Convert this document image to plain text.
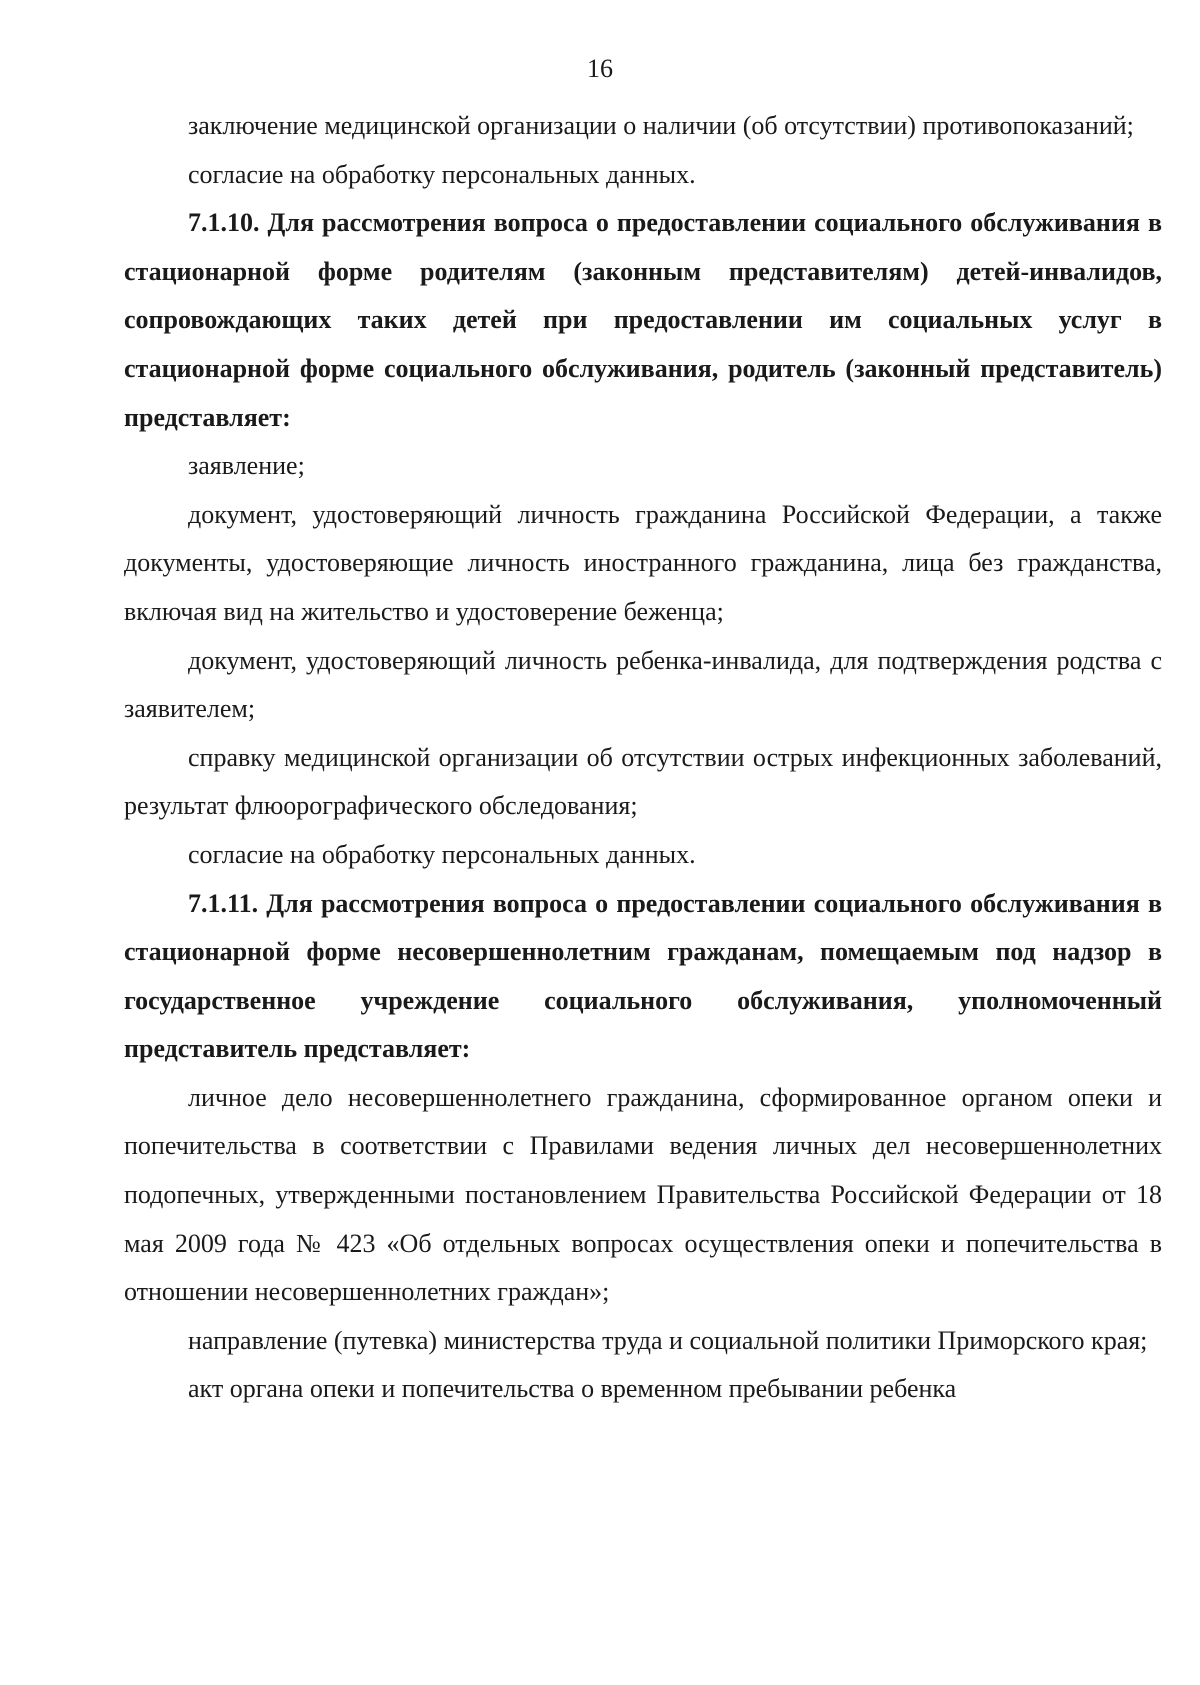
16

заключение медицинской организации о наличии (об отсутствии) противопоказаний;

согласие на обработку персональных данных.

7.1.10. Для рассмотрения вопроса о предоставлении социального обслуживания в стационарной форме родителям (законным представителям) детей-инвалидов, сопровождающих таких детей при предоставлении им социальных услуг в стационарной форме социального обслуживания, родитель (законный представитель) представляет:

заявление;

документ, удостоверяющий личность гражданина Российской Федерации, а также документы, удостоверяющие личность иностранного гражданина, лица без гражданства, включая вид на жительство и удостоверение беженца;

документ, удостоверяющий личность ребенка-инвалида, для подтверждения родства с заявителем;

справку медицинской организации об отсутствии острых инфекционных заболеваний, результат флюорографического обследования;

согласие на обработку персональных данных.

7.1.11. Для рассмотрения вопроса о предоставлении социального обслуживания в стационарной форме несовершеннолетним гражданам, помещаемым под надзор в государственное учреждение социального обслуживания, уполномоченный представитель представляет:

личное дело несовершеннолетнего гражданина, сформированное органом опеки и попечительства в соответствии с Правилами ведения личных дел несовершеннолетних подопечных, утвержденными постановлением Правительства Российской Федерации от 18 мая 2009 года № 423 «Об отдельных вопросах осуществления опеки и попечительства в отношении несовершеннолетних граждан»;

направление (путевка) министерства труда и социальной политики Приморского края;

акт органа опеки и попечительства о временном пребывании ребенка
